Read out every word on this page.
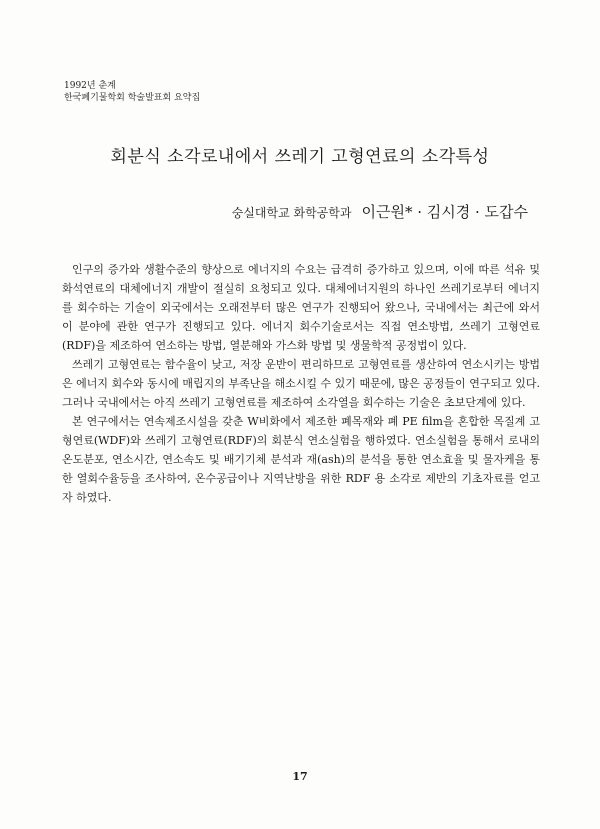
1992년 춘계
한국폐기물학회 학술발표회 요약집
회분식 소각로내에서 쓰레기 고형연료의 소각특성
숭실대학교 화학공학과 이근원* · 김시경 · 도갑수

인구의 증가와 생활수준의 향상으로 에너지의 수요는 급격히 증가하고 있으며, 이에 따른 석유 및 화석연료의 대체에너지 개발이 절실히 요청되고 있다. 대체에너지원의 하나인 쓰레기로부터 에너지를 회수하는 기술이 외국에서는 오래전부터 많은 연구가 진행되어 왔으나, 국내에서는 최근에 와서 이 분야에 관한 연구가 진행되고 있다. 에너지 회수기술로서는 직접 연소방법, 쓰레기 고형연료(RDF)을 제조하여 연소하는 방법, 열분해와 가스화 방법 및 생물학적 공정법이 있다.

쓰레기 고형연료는 함수율이 낮고, 저장 운반이 편리하므로 고형연료를 생산하여 연소시키는 방법은 에너지 회수와 동시에 매립지의 부족난을 해소시킬 수 있기 때문에, 많은 공정들이 연구되고 있다. 그러나 국내에서는 아직 쓰레기 고형연료를 제조하여 소각열을 회수하는 기술은 초보단계에 있다.

본 연구에서는 연속제조시설을 갖춘 W비화에서 제조한 폐목재와 폐 PE film을 혼합한 목질계 고형연료(WDF)와 쓰레기 고형연료(RDF)의 회분식 연소실험을 행하였다. 연소실험을 통해서 로내의 온도분포, 연소시간, 연소속도 및 배기기체 분석과 재(ash)의 분석을 통한 연소효율 및 물자케을 통한 열회수율등을 조사하여, 온수공급이나 지역난방을 위한 RDF 용 소각로 제반의 기초자료를 얻고자 하였다.

17
